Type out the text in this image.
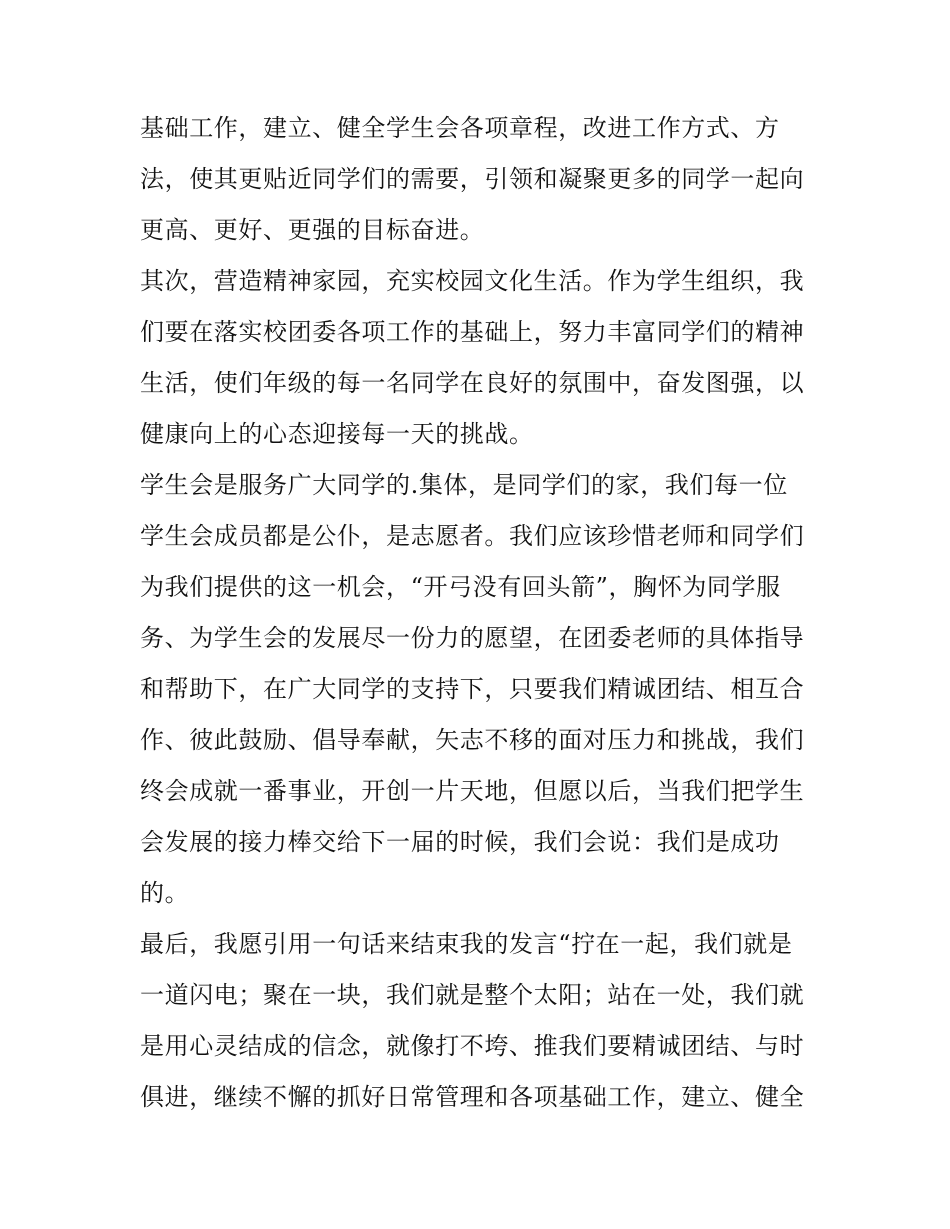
基础工作，建立、健全学生会各项章程，改进工作方式、方
法，使其更贴近同学们的需要，引领和凝聚更多的同学一起向
更高、更好、更强的目标奋进。
其次，营造精神家园，充实校园文化生活。作为学生组织，我
们要在落实校团委各项工作的基础上，努力丰富同学们的精神
生活，使们年级的每一名同学在良好的氛围中，奋发图强，以
健康向上的心态迎接每一天的挑战。
学生会是服务广大同学的.集体，是同学们的家，我们每一位
学生会成员都是公仆，是志愿者。我们应该珍惜老师和同学们
为我们提供的这一机会，“开弓没有回头箭”，胸怀为同学服
务、为学生会的发展尽一份力的愿望，在团委老师的具体指导
和帮助下，在广大同学的支持下，只要我们精诚团结、相互合
作、彼此鼓励、倡导奉献，矢志不移的面对压力和挑战，我们
终会成就一番事业，开创一片天地，但愿以后，当我们把学生
会发展的接力棒交给下一届的时候，我们会说：我们是成功
的。
最后，我愿引用一句话来结束我的发言“拧在一起，我们就是
一道闪电；聚在一块，我们就是整个太阳；站在一处，我们就
是用心灵结成的信念，就像打不垮、推我们要精诚团结、与时
俱进，继续不懈的抓好日常管理和各项基础工作，建立、健全
